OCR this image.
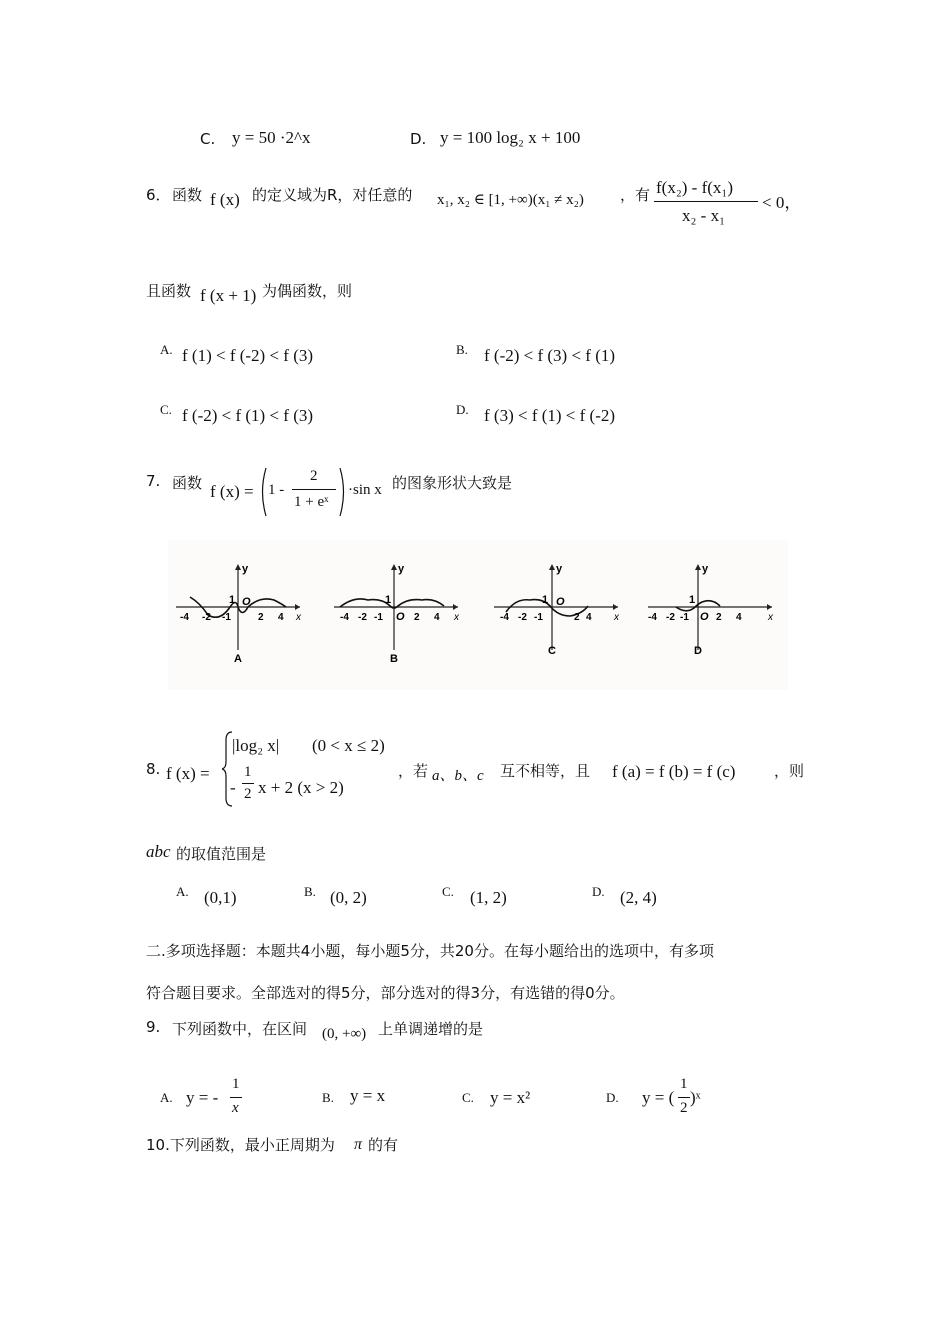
C. y = 50 ·2^x	D. y = 100 log₂ x + 100
6． 函数 f (x) 的定义域为R，对任意的 x₁, x₂ ∈ [1, +∞)(x₁ ≠ x₂) ，有 f(x₂) - f(x₁)
x₂ - x₁
< 0，
且函数 f (x + 1) 为偶函数，则
A. f (1) < f (-2) < f (3)	B. f (-2) < f (3) < f (1)
C. f (-2) < f (1) < f (3)	D. f (3) < f (1) < f (-2)
7. 函数 f (x) = 1 -
2
1 + eˣ
·sin x 的图象形状大致是
y
x
1 O
-4 -2 -1	2 4
A
y
x
1
-4 -2 -1 O 2 4
B
y
x
1 O
-4 -2 -1	2 4
C
y
x
1
-4 -2 -1 O 2 4
D
8. f (x) =
|log₂ x| (0 < x ≤ 2)
-
1
2 x + 2 (x > 2)
，若 a、b、c 互不相等，且 f (a) = f (b) = f (c)	，则
abc 的取值范围是
A. (0,1)	B. (0, 2)	C. (1, 2)	D. (2, 4)
二.多项选择题：本题共4小题，每小题5分，共20分。在每小题给出的选项中，有多项
符合题目要求。全部选对的得5分，部分选对的得3分，有选错的得0分。
9. 下列函数中，在区间 (0, +∞) 上单调递增的是
A. y = -
1
x
B. y = x	C. y = x²	D. y = (
1
2
)ˣ
10.下列函数，最小正周期为 π 的有
